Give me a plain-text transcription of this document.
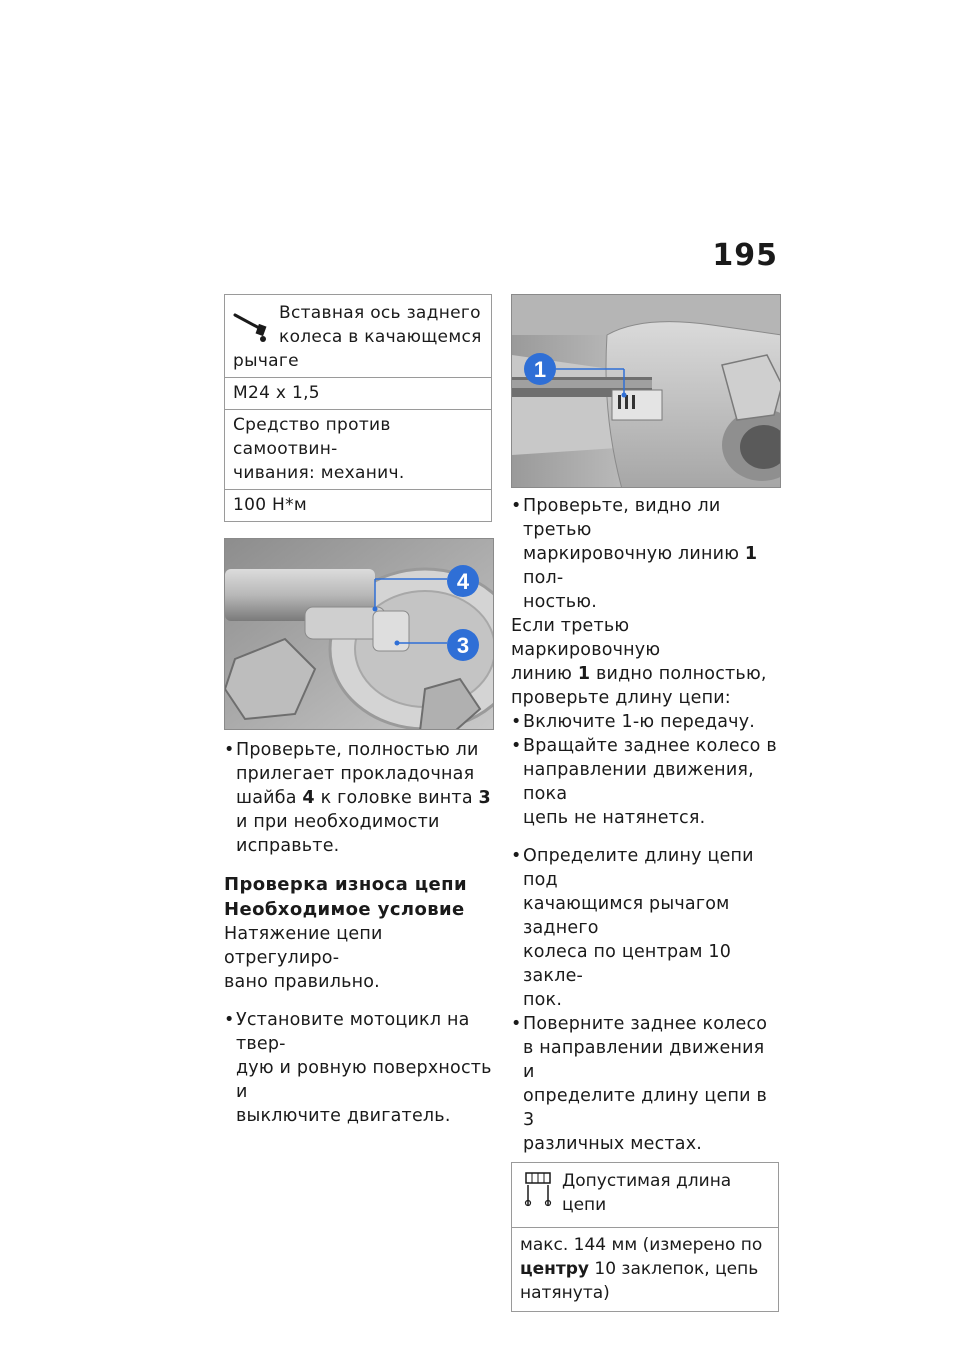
195
Вставная ось заднего
колеса в качающемся
рычаге
M24 x 1,5
Средство против самоотвин-
чивания: механич.
100 Н*м
4
3
• Проверьте, полностью ли
прилегает прокладочная
шайба 4 к головке винта 3
и при необходимости
исправьте.

Проверка износа цепи

Необходимое условие

Натяжение цепи отрегулиро-

вано правильно.

• Установите мотоцикл на твер-
дую и ровную поверхность и
выключите двигатель.
1
• Проверьте, видно ли третью
маркировочную линию 1 пол-
ностью.

Если третью маркировочную

линию 1 видно полностью,

проверьте длину цепи:

• Включите 1-ю передачу.
• Вращайте заднее колесо в
направлении движения, пока
цепь не натянется.
• Определите длину цепи под
качающимся рычагом заднего
колеса по центрам 10 закле-
пок.
• Поверните заднее колесо
в направлении движения и
определите длину цепи в 3
различных местах.
Допустимая длина цепи
макс. 144 мм (измерено по
центру 10 заклепок, цепь
натянута)
